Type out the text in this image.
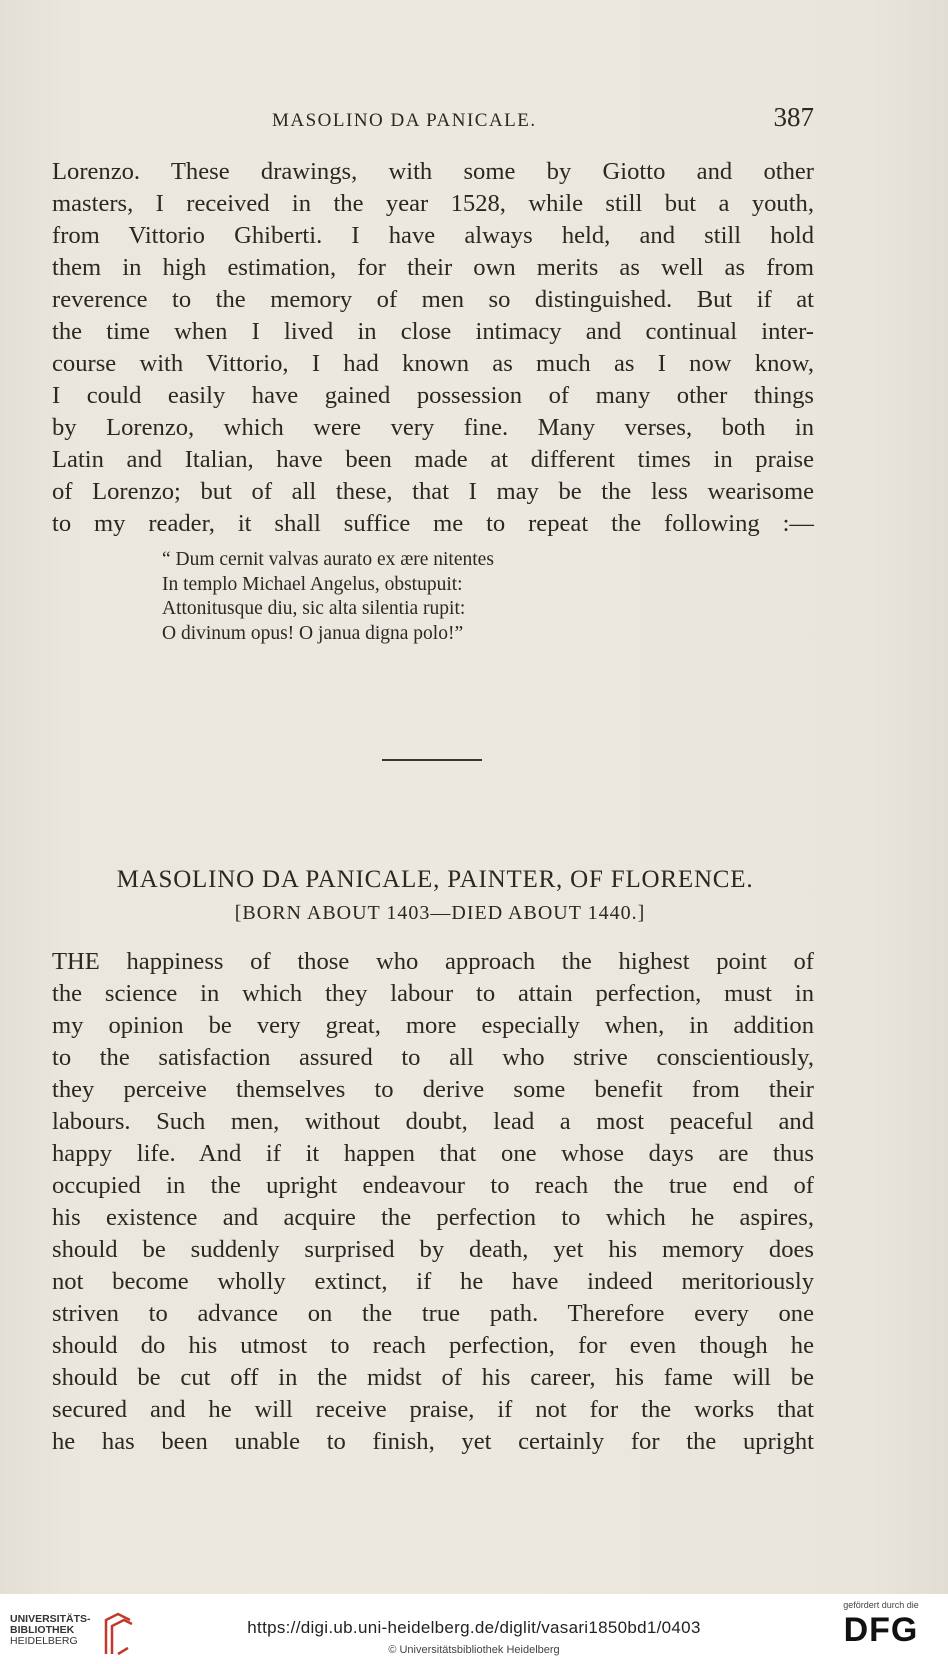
MASOLINO DA PANICALE.	387
Lorenzo. These drawings, with some by Giotto and other
masters, I received in the year 1528, while still but a youth,
from Vittorio Ghiberti. I have always held, and still hold
them in high estimation, for their own merits as well as from
reverence to the memory of men so distinguished. But if at
the time when I lived in close intimacy and continual inter-
course with Vittorio, I had known as much as I now know,
I could easily have gained possession of many other things
by Lorenzo, which were very fine. Many verses, both in
Latin and Italian, have been made at different times in praise
of Lorenzo; but of all these, that I may be the less wearisome
to my reader, it shall suffice me to repeat the following :—
“ Dum cernit valvas aurato ex ære nitentes
In templo Michael Angelus, obstupuit:
Attonitusque diu, sic alta silentia rupit:
O divinum opus! O janua digna polo!”
MASOLINO DA PANICALE, PAINTER, OF FLORENCE.

[BORN ABOUT 1403—DIED ABOUT 1440.]

THE happiness of those who approach the highest point of
the science in which they labour to attain perfection, must in
my opinion be very great, more especially when, in addition
to the satisfaction assured to all who strive conscientiously,
they perceive themselves to derive some benefit from their
labours. Such men, without doubt, lead a most peaceful and
happy life. And if it happen that one whose days are thus
occupied in the upright endeavour to reach the true end of
his existence and acquire the perfection to which he aspires,
should be suddenly surprised by death, yet his memory does
not become wholly extinct, if he have indeed meritoriously
striven to advance on the true path. Therefore every one
should do his utmost to reach perfection, for even though he
should be cut off in the midst of his career, his fame will be
secured and he will receive praise, if not for the works that
he has been unable to finish, yet certainly for the upright
UNIVERSITÄTS-
BIBLIOTHEK
HEIDELBERG
https://digi.ub.uni-heidelberg.de/diglit/vasari1850bd1/0403
© Universitätsbibliothek Heidelberg
gefördert durch die
DFG
